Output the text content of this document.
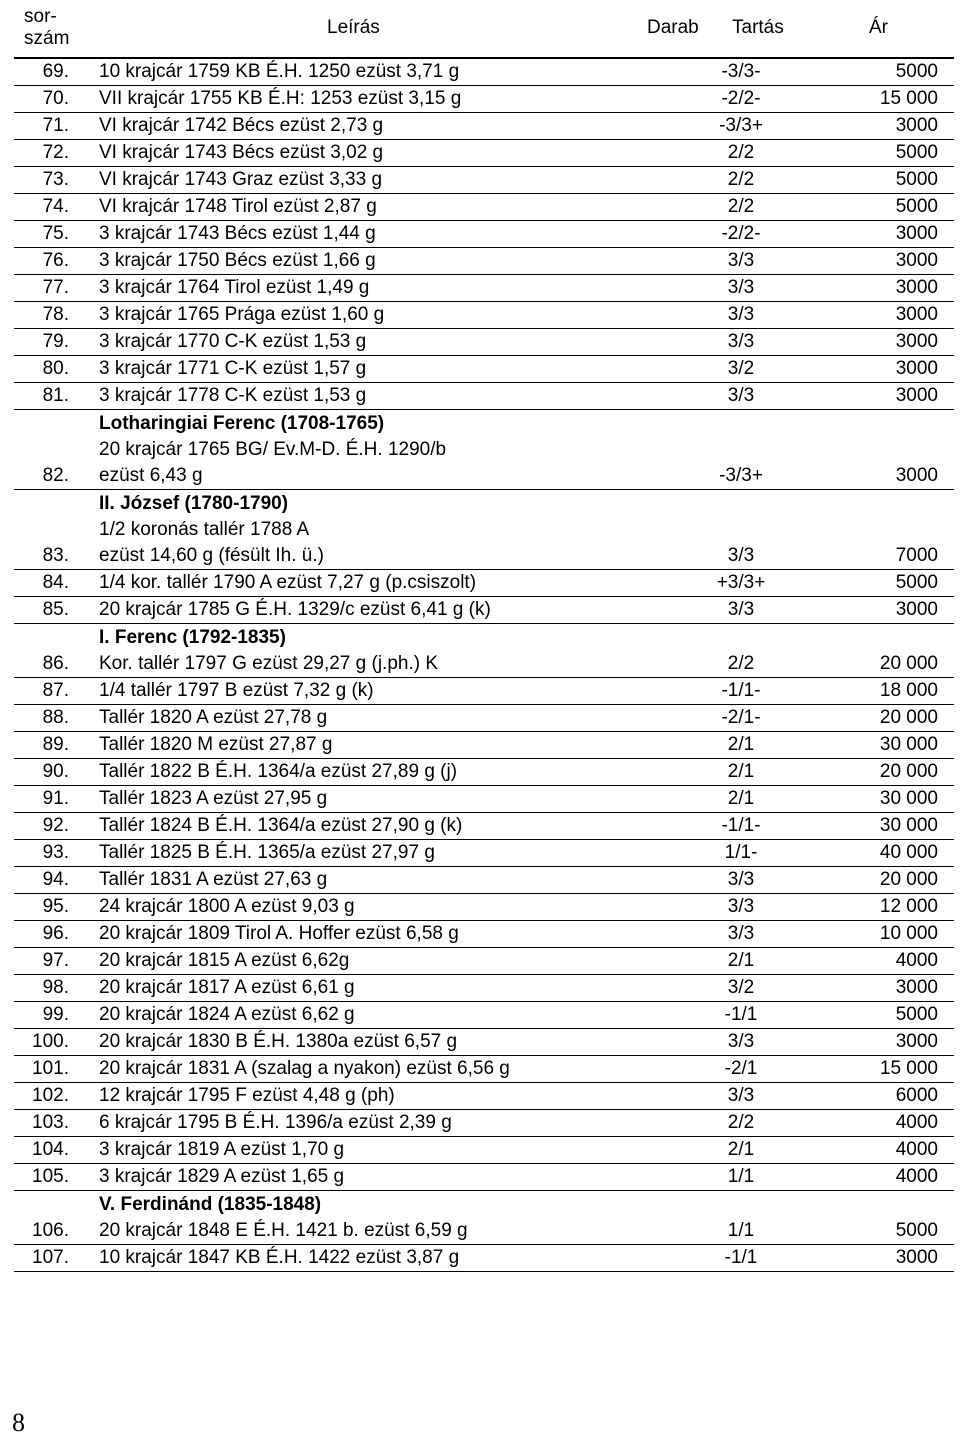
sor-
szám
Leírás	Darab Tartás	Ár
69. 10 krajcár 1759 KB É.H. 1250 ezüst 3,71 g	-3/3-	5000
70. VII krajcár 1755 KB É.H: 1253 ezüst 3,15 g	-2/2-	15 000
71. VI krajcár 1742 Bécs ezüst 2,73 g	-3/3+	3000
72. VI krajcár 1743 Bécs ezüst 3,02 g	2/2	5000
73. VI krajcár 1743 Graz ezüst 3,33 g	2/2	5000
74. VI krajcár 1748 Tirol ezüst 2,87 g	2/2	5000
75. 3 krajcár 1743 Bécs ezüst 1,44 g	-2/2-	3000
76. 3 krajcár 1750 Bécs ezüst 1,66 g	3/3	3000
77. 3 krajcár 1764 Tirol ezüst 1,49 g	3/3	3000
78. 3 krajcár 1765 Prága ezüst 1,60 g	3/3	3000
79. 3 krajcár 1770 C-K ezüst 1,53 g	3/3	3000
80. 3 krajcár 1771 C-K ezüst 1,57 g	3/2	3000
81. 3 krajcár 1778 C-K ezüst 1,53 g	3/3	3000
Lotharingiai Ferenc (1708-1765)
82.
20 krajcár 1765 BG/ Ev.M-D. É.H. 1290/b
ezüst 6,43 g	-3/3+	3000
II. József (1780-1790)
83.
1/2 koronás tallér 1788 A
ezüst 14,60 g (fésült Ih. ü.)	3/3	7000
84. 1/4 kor. tallér 1790 A ezüst 7,27 g (p.csiszolt)	+3/3+	5000
85. 20 krajcár 1785 G É.H. 1329/c ezüst 6,41 g (k)	3/3	3000
I. Ferenc (1792-1835)
86. Kor. tallér 1797 G ezüst 29,27 g (j.ph.) K	2/2	20 000
87. 1/4 tallér 1797 B ezüst 7,32 g (k)	-1/1-	18 000
88. Tallér 1820 A ezüst 27,78 g	-2/1-	20 000
89. Tallér 1820 M ezüst 27,87 g	2/1	30 000
90. Tallér 1822 B É.H. 1364/a ezüst 27,89 g (j)	2/1	20 000
91. Tallér 1823 A ezüst 27,95 g	2/1	30 000
92. Tallér 1824 B É.H. 1364/a ezüst 27,90 g (k)	-1/1-	30 000
93. Tallér 1825 B É.H. 1365/a ezüst 27,97 g	1/1-	40 000
94. Tallér 1831 A ezüst 27,63 g	3/3	20 000
95. 24 krajcár 1800 A ezüst 9,03 g	3/3	12 000
96. 20 krajcár 1809 Tirol A. Hoffer ezüst 6,58 g	3/3	10 000
97. 20 krajcár 1815 A ezüst 6,62g	2/1	4000
98. 20 krajcár 1817 A ezüst 6,61 g	3/2	3000
99. 20 krajcár 1824 A ezüst 6,62 g	-1/1	5000
100. 20 krajcár 1830 B É.H. 1380a ezüst 6,57 g	3/3	3000
101. 20 krajcár 1831 A (szalag a nyakon) ezüst 6,56 g	-2/1	15 000
102. 12 krajcár 1795 F ezüst 4,48 g (ph)	3/3	6000
103. 6 krajcár 1795 B É.H. 1396/a ezüst 2,39 g	2/2	4000
104. 3 krajcár 1819 A ezüst 1,70 g	2/1	4000
105. 3 krajcár 1829 A ezüst 1,65 g	1/1	4000
V. Ferdinánd (1835-1848)
106. 20 krajcár 1848 E É.H. 1421 b. ezüst 6,59 g	1/1	5000
107. 10 krajcár 1847 KB É.H. 1422 ezüst 3,87 g	-1/1	3000
8
